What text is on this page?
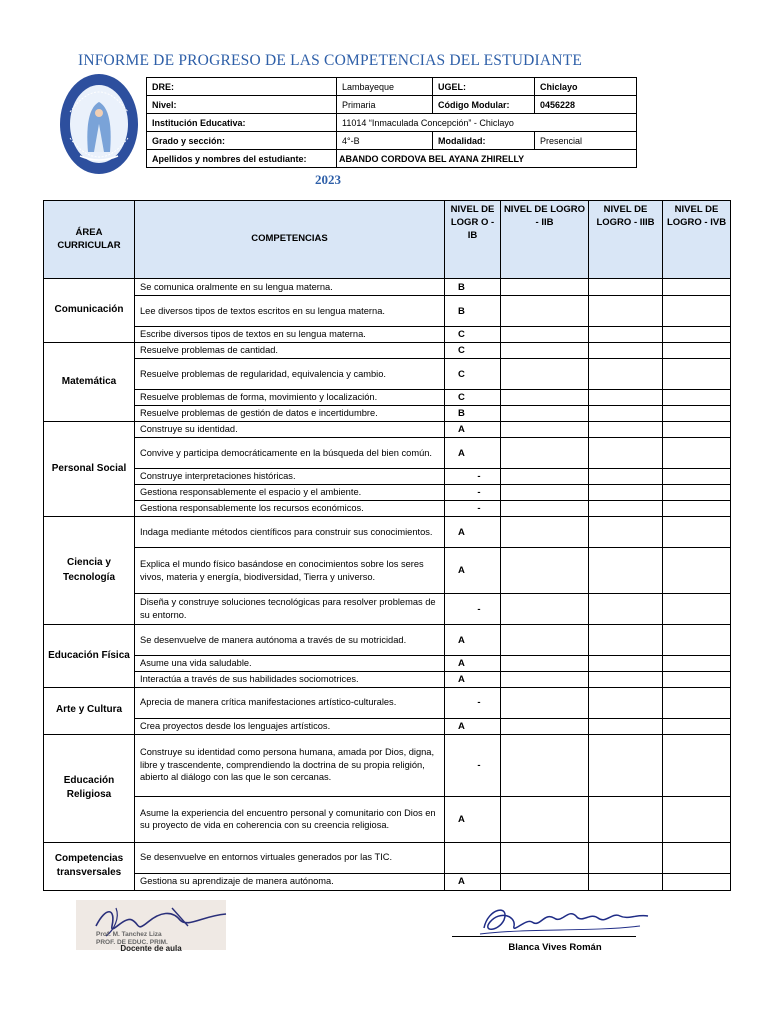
INFORME DE PROGRESO DE LAS COMPETENCIAS DEL ESTUDIANTE
DRE:	Lambayeque	UGEL:	Chiclayo
Nivel:	Primaria	Código Modular:	0456228
Institución Educativa:	11014 “Inmaculada Concepción” - Chiclayo		
Grado y sección:	4°-B	Modalidad:	Presencial
Apellidos y nombres del estudiante:	ABANDO CORDOVA BEL AYANA ZHIRELLY		
2023
ÁREA CURRICULAR	COMPETENCIAS	NIVEL DE LOGR O - IB	NIVEL DE LOGRO - IIB	NIVEL DE LOGRO - IIIB	NIVEL DE LOGRO - IVB
Comunicación	Se comunica oralmente en su lengua materna.	B			
	Lee diversos tipos de textos escritos en su lengua materna.	B			
	Escribe diversos tipos de textos en su lengua materna.	C			
Matemática	Resuelve problemas de cantidad.	C			
	Resuelve problemas de regularidad, equivalencia y cambio.	C			
	Resuelve problemas de forma, movimiento y localización.	C			
	Resuelve problemas de gestión de datos e incertidumbre.	B			
Personal Social	Construye su identidad.	A			
	Convive y participa democráticamente en la búsqueda del bien común.	A			
	Construye interpretaciones históricas.	-			
	Gestiona responsablemente el espacio y el ambiente.	-			
	Gestiona responsablemente los recursos económicos.	-			
Ciencia y Tecnología	Indaga mediante métodos científicos para construir sus conocimientos.	A			
	Explica el mundo físico basándose en conocimientos sobre los seres vivos, materia y energía, biodiversidad, Tierra y universo.	A			
	Diseña y construye soluciones tecnológicas para resolver problemas de su entorno.	-			
Educación Física	Se desenvuelve de manera autónoma a través de su motricidad.	A			
	Asume una vida saludable.	A			
	Interactúa a través de sus habilidades sociomotrices.	A			
Arte y Cultura	Aprecia de manera crítica manifestaciones artístico-culturales.	-			
	Crea proyectos desde los lenguajes artísticos.	A			
Educación Religiosa	Construye su identidad como persona humana, amada por Dios, digna, libre y trascendente, comprendiendo la doctrina de su propia religión, abierto al diálogo con las que le son cercanas.	-			
	Asume la experiencia del encuentro personal y comunitario con Dios en su proyecto de vida en coherencia con su creencia religiosa.	A			
Competencias transversales	Se desenvuelve en entornos virtuales generados por las TIC.				
	Gestiona su aprendizaje de manera autónoma.	A			
Prof. M. Tanchez Liza
PROF. DE EDUC. PRIM.
Docente de aula	Blanca Vives Román
